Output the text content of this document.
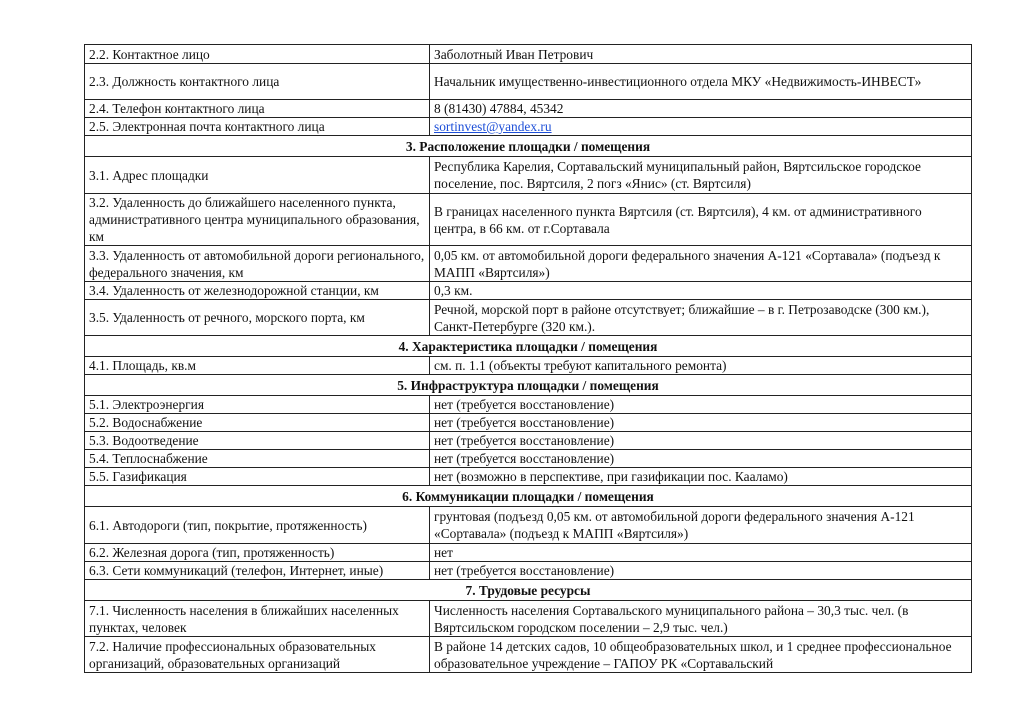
2.2. Контактное лицо	Заболотный Иван Петрович
2.3. Должность контактного лица	Начальник имущественно-инвестиционного отдела МКУ «Недвижимость-ИНВЕСТ»
2.4. Телефон контактного лица	8 (81430) 47884, 45342
2.5. Электронная почта контактного лица	sortinvest@yandex.ru
3. Расположение площадки / помещения	
3.1. Адрес площадки	Республика Карелия, Сортавальский муниципальный район, Вяртсильское городское поселение, пос. Вяртсиля, 2 погз «Янис» (ст. Вяртсиля)
3.2. Удаленность до ближайшего населенного пункта, административного центра муниципального образования, км	В границах населенного пункта Вяртсиля (ст. Вяртсиля), 4 км. от административного центра, в 66 км. от г.Сортавала
3.3. Удаленность от автомобильной дороги регионального, федерального значения, км	0,05 км. от автомобильной дороги федерального значения А-121 «Сортавала» (подъезд к МАПП «Вяртсиля»)
3.4. Удаленность от железнодорожной станции, км	0,3 км.
3.5. Удаленность от речного, морского порта, км	Речной, морской порт в районе отсутствует; ближайшие – в г. Петрозаводске (300 км.), Санкт-Петербурге (320 км.).
4. Характеристика площадки / помещения	
4.1. Площадь, кв.м	см. п. 1.1 (объекты требуют капитального ремонта)
5. Инфраструктура площадки / помещения	
5.1. Электроэнергия	нет (требуется восстановление)
5.2. Водоснабжение	нет (требуется восстановление)
5.3. Водоотведение	нет (требуется восстановление)
5.4. Теплоснабжение	нет (требуется восстановление)
5.5. Газификация	нет (возможно в перспективе, при газификации пос. Кааламо)
6. Коммуникации площадки / помещения	
6.1. Автодороги (тип, покрытие, протяженность)	грунтовая (подъезд 0,05 км. от автомобильной дороги федерального значения А-121 «Сортавала» (подъезд к МАПП «Вяртсиля»)
6.2. Железная дорога (тип, протяженность)	нет
6.3. Сети коммуникаций (телефон, Интернет, иные)	нет (требуется восстановление)
7. Трудовые ресурсы	
7.1. Численность населения в ближайших населенных пунктах, человек	Численность населения Сортавальского муниципального района – 30,3 тыс. чел. (в Вяртсильском городском поселении – 2,9 тыс. чел.)
7.2. Наличие профессиональных образовательных организаций, образовательных организаций	В районе 14 детских садов, 10 общеобразовательных школ, и 1 среднее профессиональное образовательное учреждение – ГАПОУ РК «Сортавальский
